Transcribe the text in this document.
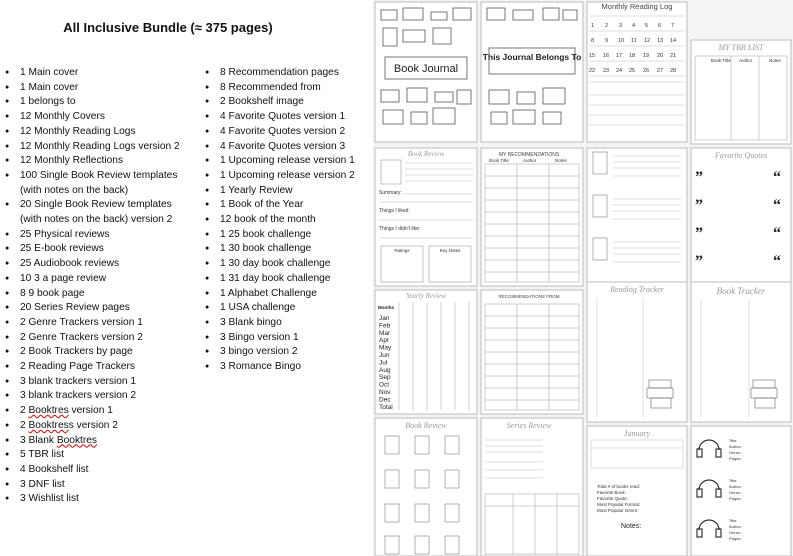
All Inclusive Bundle (≈ 375 pages)
● 1 Main cover
● 1 Main cover
● 1 belongs to
● 12 Monthly Covers
● 12 Monthly Reading Logs
● 12 Monthly Reading Logs version 2
● 12 Monthly Reflections
● 100 Single Book Review templates (with notes on the back)
● 20 Single Book Review templates (with notes on the back) version 2
● 25 Physical reviews
● 25 E-book reviews
● 25 Audiobook reviews
● 10 3 a page review
● 8 9 book page
● 20 Series Review pages
● 2 Genre Trackers version 1
● 2 Genre Trackers version 2
● 2 Book Trackers by page
● 2 Reading Page Trackers
● 3 blank trackers version 1
● 3 blank trackers version 2
● 2 Booktres version 1
● 2 Booktress version 2
● 3 Blank Booktres
● 5 TBR list
● 4 Bookshelf list
● 3 DNF list
● 3 Wishlist list
● 8 Recommendation pages
● 8 Recommended from
● 2 Bookshelf image
● 4 Favorite Quotes version 1
● 4 Favorite Quotes version 2
● 4 Favorite Quotes version 3
● 1 Upcoming release version 1
● 1 Upcoming release version 2
● 1 Yearly Review
● 1 Book of the Year
● 12 book of the month
● 1 25 book challenge
● 1 30 book challenge
● 1 30 day book challenge
● 1 31 day book challenge
● 1 Alphabet Challenge
● 1 USA challenge
● 3 Blank bingo
● 3 Bingo version 1
● 3 bingo version 2
● 3 Romance Bingo
Book Journal
This Journal Belongs To
Monthly Reading Log
1 2 3 4 5 6 7
8 9 10 11 12 13 14
15 16 17 18 19 20 21
22 23 24 25 26 27 28
MY TBR LIST
Book Title Author	Notes
Book Review
Summary:
Things I liked:
Things I didn't like:
Ratings	Key Notes
MY RECOMMENDATIONS
Book Title	Author	Notes
Favorite Quotes
”	“
”	“
”	“
”	“
Yearly Review
Months
Jan
Feb
Mar
Apr
May
Jun
Jul
Aug
Sep
Oct
Nov
Dec
Total
RECOMMENDATIONS FROM
Reading Tracker	Book Tracker
Book Review	Series Review
January
Total # of books read:
Favorite Book:
Favorite Quote:
Most Popular Format:
Most Popular Genre:
Notes:
Title:
Author:
Genre:
Pages:
Title:
Author:
Genre:
Pages:
Title:
Author:
Genre:
Pages:
